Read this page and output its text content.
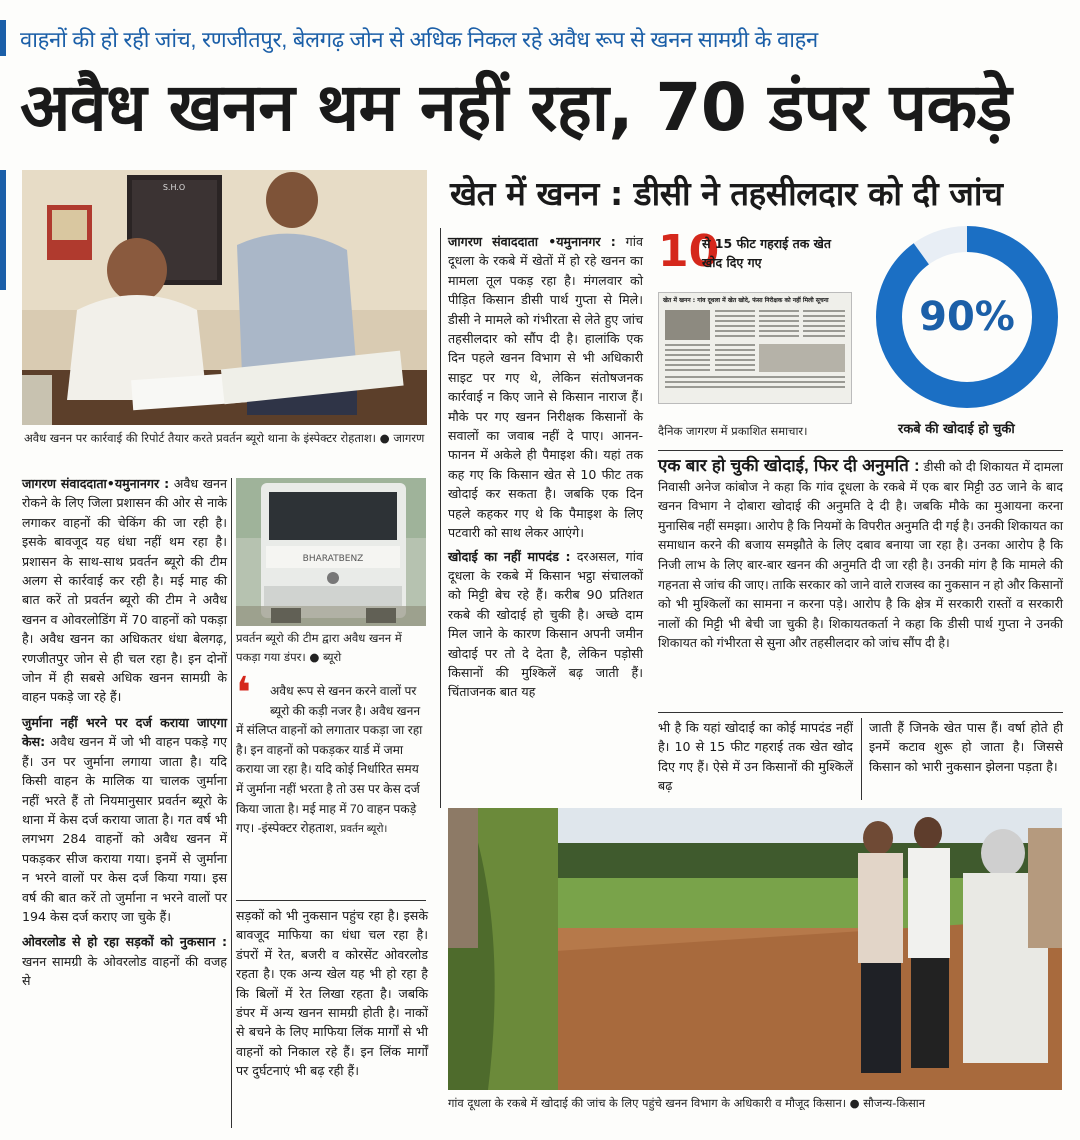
वाहनों की हो रही जांच, रणजीतपुर, बेलगढ़ जोन से अधिक निकल रहे अवैध रूप से खनन सामग्री के वाहन
अवैध खनन थम नहीं रहा, 70 डंपर पकड़े
S.H.O
अवैध खनन पर कार्रवाई की रिपोर्ट तैयार करते प्रवर्तन ब्यूरो थाना के इंस्पेक्टर रोहताश। ● जागरण
जागरण संवाददाता•यमुनानगर : अवैध खनन रोकने के लिए जिला प्रशासन की ओर से नाके लगाकर वाहनों की चेकिंग की जा रही है। इसके बावजूद यह धंधा नहीं थम रहा है। प्रशासन के साथ-साथ प्रवर्तन ब्यूरो की टीम अलग से कार्रवाई कर रही है। मई माह की बात करें तो प्रवर्तन ब्यूरो की टीम ने अवैध खनन व ओवरलोडिंग में 70 वाहनों को पकड़ा है। अवैध खनन का अधिकतर धंधा बेलगढ़, रणजीतपुर जोन से ही चल रहा है। इन दोनों जोन में ही सबसे अधिक खनन सामग्री के वाहन पकड़े जा रहे हैं।
जुर्माना नहीं भरने पर दर्ज कराया जाएगा केस: अवैध खनन में जो भी वाहन पकड़े गए हैं। उन पर जुर्माना लगाया जाता है। यदि किसी वाहन के मालिक या चालक जुर्माना नहीं भरते हैं तो नियमानुसार प्रवर्तन ब्यूरो के थाना में केस दर्ज कराया जाता है। गत वर्ष भी लगभग 284 वाहनों को अवैध खनन में पकड़कर सीज कराया गया। इनमें से जुर्माना न भरने वालों पर केस दर्ज किया गया। इस वर्ष की बात करें तो जुर्माना न भरने वालों पर 194 केस दर्ज कराए जा चुके हैं।
ओवरलोड से हो रहा सड़कों को नुकसान : खनन सामग्री के ओवरलोड वाहनों की वजह से
BHARATBENZ
प्रवर्तन ब्यूरो की टीम द्वारा अवैध खनन में पकड़ा गया डंपर। ● ब्यूरो
❛	अवैध रूप से खनन करने वालों पर ब्यूरो की कड़ी नजर है। अवैध खनन में संलिप्त वाहनों को लगातार पकड़ा जा रहा है। इन वाहनों को पकड़कर यार्ड में जमा कराया जा रहा है। यदि कोई निर्धारित समय में जुर्माना नहीं भरता है तो उस पर केस दर्ज किया जाता है। मई माह में 70 वाहन पकड़े गए। -इंस्पेक्टर रोहताश, प्रवर्तन ब्यूरो।
सड़कों को भी नुकसान पहुंच रहा है। इसके बावजूद माफिया का धंधा चल रहा है। डंपरों में रेत, बजरी व कोरसेंट ओवरलोड रहता है। एक अन्य खेल यह भी हो रहा है कि बिलों में रेत लिखा रहता है। जबकि डंपर में अन्य खनन सामग्री होती है। नाकों से बचने के लिए माफिया लिंक मार्गों से भी वाहनों को निकाल रहे हैं। इन लिंक मार्गों पर दुर्घटनाएं भी बढ़ रही हैं।
खेत में खनन : डीसी ने तहसीलदार को दी जांच
जागरण संवाददाता •यमुनानगर : गांव दूधला के रकबे में खेतों में हो रहे खनन का मामला तूल पकड़ रहा है। मंगलवार को पीड़ित किसान डीसी पार्थ गुप्ता से मिले। डीसी ने मामले को गंभीरता से लेते हुए जांच तहसीलदार को सौंप दी है। हालांकि एक दिन पहले खनन विभाग से भी अधिकारी साइट पर गए थे, लेकिन संतोषजनक कार्रवाई न किए जाने से किसान नाराज हैं। मौके पर गए खनन निरीक्षक किसानों के सवालों का जवाब नहीं दे पाए। आनन-फानन में अकेले ही पैमाइश की। यहां तक कह गए कि किसान खेत से 10 फीट तक खोदाई कर सकता है। जबकि एक दिन पहले कहकर गए थे कि पैमाइश के लिए पटवारी को साथ लेकर आएंगे।
खोदाई का नहीं मापदंड : दरअसल, गांव दूधला के रकबे में किसान भट्ठा संचालकों को मिट्टी बेच रहे हैं। करीब 90 प्रतिशत रकबे की खोदाई हो चुकी है। अच्छे दाम मिल जाने के कारण किसान अपनी जमीन खोदाई पर तो दे देता है, लेकिन पड़ोसी किसानों की मुश्किलें बढ़ जाती हैं। चिंताजनक बात यह
10
से 15 फीट गहराई तक खेत खोद दिए गए
खेत में खनन : गांव दूधला में खेत खोदे, फंसा निरीक्षक को नहीं मिली सूचना
दैनिक जागरण में प्रकाशित समाचार।
90%
रकबे की खोदाई हो चुकी
एक बार हो चुकी खोदाई, फिर दी अनुमति : डीसी को दी शिकायत में दामला निवासी अनेज कांबोज ने कहा कि गांव दूधला के रकबे में एक बार मिट्टी उठ जाने के बाद खनन विभाग ने दोबारा खोदाई की अनुमति दे दी है। जबकि मौके का मुआयना करना मुनासिब नहीं समझा। आरोप है कि नियमों के विपरीत अनुमति दी गई है। उनकी शिकायत का समाधान करने की बजाय समझौते के लिए दबाव बनाया जा रहा है। उनका आरोप है कि निजी लाभ के लिए बार-बार खनन की अनुमति दी जा रही है। उनकी मांग है कि मामले की गहनता से जांच की जाए। ताकि सरकार को जाने वाले राजस्व का नुकसान न हो और किसानों को भी मुश्किलों का सामना न करना पड़े। आरोप है कि क्षेत्र में सरकारी रास्तों व सरकारी नालों की मिट्टी भी बेची जा चुकी है। शिकायतकर्ता ने कहा कि डीसी पार्थ गुप्ता ने उनकी शिकायत को गंभीरता से सुना और तहसीलदार को जांच सौंप दी है।
भी है कि यहां खोदाई का कोई मापदंड नहीं है। 10 से 15 फीट गहराई तक खेत खोद दिए गए हैं। ऐसे में उन किसानों की मुश्किलें बढ़
जाती हैं जिनके खेत पास हैं। वर्षा होते ही इनमें कटाव शुरू हो जाता है। जिससे किसान को भारी नुकसान झेलना पड़ता है।
गांव दूधला के रकबे में खोदाई की जांच के लिए पहुंचे खनन विभाग के अधिकारी व मौजूद किसान। ● सौजन्य-किसान
